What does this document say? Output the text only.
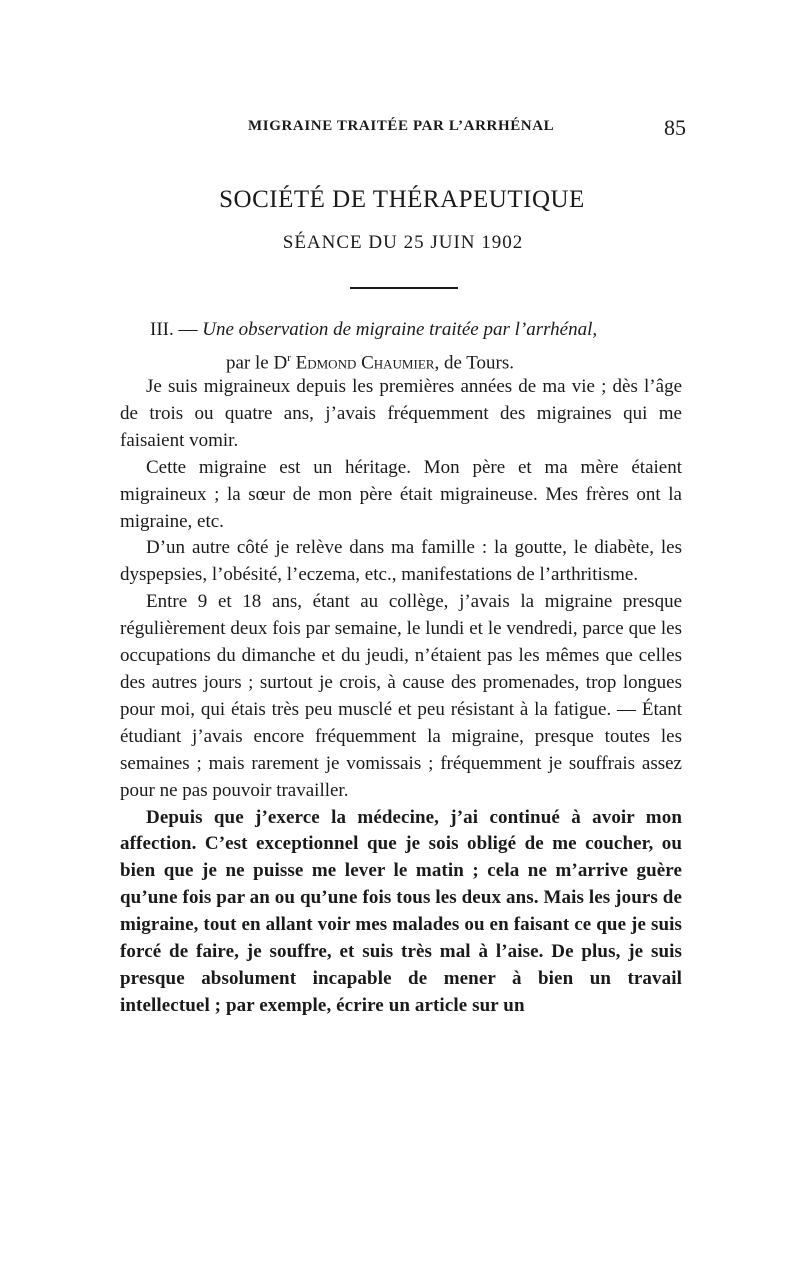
MIGRAINE TRAITÉE PAR L’ARRHÉNAL	85
SOCIÉTÉ DE THÉRAPEUTIQUE
SÉANCE DU 25 JUIN 1902
III. — Une observation de migraine traitée par l’arrhénal,
par le $D^r$ Edmond Chaumier, de Tours.

Je suis migraineux depuis les premières années de ma vie ; dès l’âge de trois ou quatre ans, j’avais fréquemment des migraines qui me faisaient vomir.

Cette migraine est un héritage. Mon père et ma mère étaient migraineux ; la sœur de mon père était migraineuse. Mes frères ont la migraine, etc.

D’un autre côté je relève dans ma famille : la goutte, le diabète, les dyspepsies, l’obésité, l’eczema, etc., manifestations de l’arthritisme.

Entre 9 et 18 ans, étant au collège, j’avais la migraine presque régulièrement deux fois par semaine, le lundi et le vendredi, parce que les occupations du dimanche et du jeudi, n’étaient pas les mêmes que celles des autres jours ; surtout je crois, à cause des promenades, trop longues pour moi, qui étais très peu musclé et peu résistant à la fatigue. — Étant étudiant j’avais encore fréquemment la migraine, presque toutes les semaines ; mais rarement je vomissais ; fréquemment je souffrais assez pour ne pas pouvoir travailler.

Depuis que j’exerce la médecine, j’ai continué à avoir mon affection. C’est exceptionnel que je sois obligé de me coucher, ou bien que je ne puisse me lever le matin ; cela ne m’arrive guère qu’une fois par an ou qu’une fois tous les deux ans. Mais les jours de migraine, tout en allant voir mes malades ou en faisant ce que je suis forcé de faire, je souffre, et suis très mal à l’aise. De plus, je suis presque absolument incapable de mener à bien un travail intellectuel ; par exemple, écrire un article sur un
